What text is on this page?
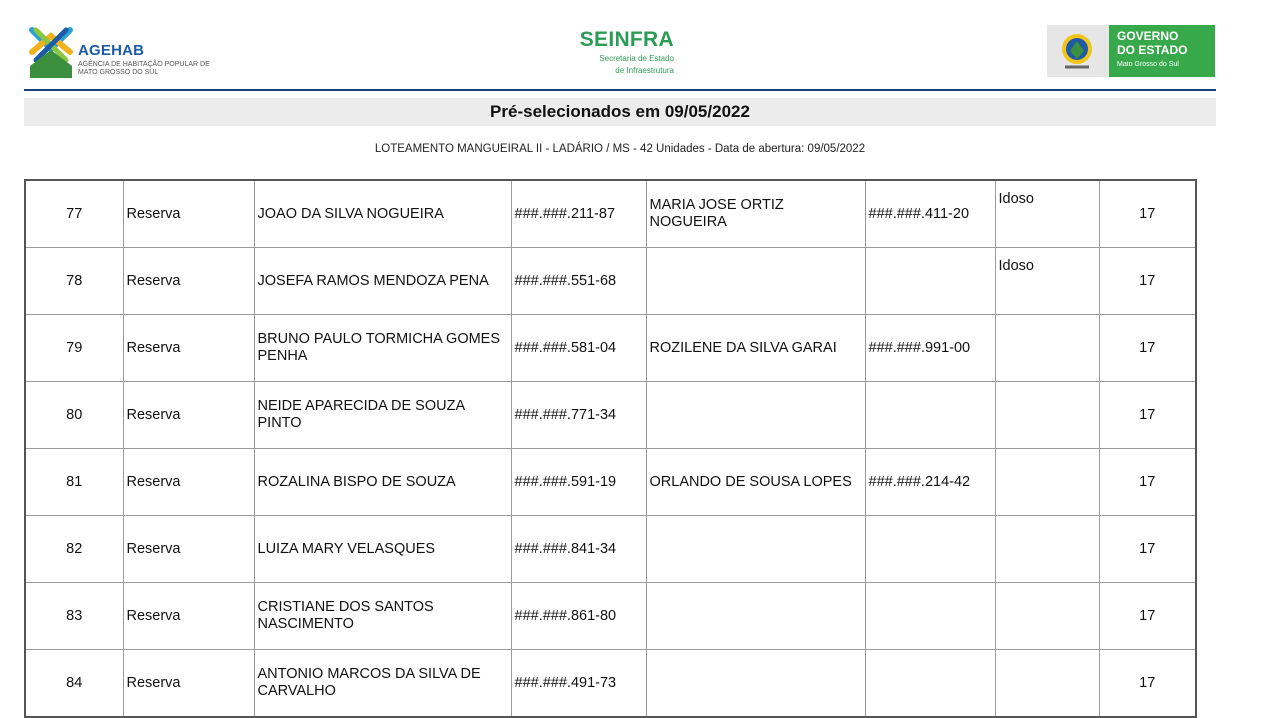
AGEHAB
AGÊNCIA DE HABITAÇÃO POPULAR DE MATO GROSSO DO SUL
SEINFRA
Secretaria de Estado
de Infraestrutura
GOVERNO
DO ESTADO
Mato Grosso do Sul
Pré-selecionados em 09/05/2022
LOTEAMENTO MANGUEIRAL II - LADÁRIO / MS - 42 Unidades - Data de abertura: 09/05/2022
77	Reserva	JOAO DA SILVA NOGUEIRA	###.###.211-87	MARIA JOSE ORTIZ NOGUEIRA	###.###.411-20	Idoso	17
78	Reserva	JOSEFA RAMOS MENDOZA PENA	###.###.551-68			Idoso	17
79	Reserva	BRUNO PAULO TORMICHA GOMES PENHA	###.###.581-04	ROZILENE DA SILVA GARAI	###.###.991-00		17
80	Reserva	NEIDE APARECIDA DE SOUZA PINTO	###.###.771-34				17
81	Reserva	ROZALINA BISPO DE SOUZA	###.###.591-19	ORLANDO DE SOUSA LOPES	###.###.214-42		17
82	Reserva	LUIZA MARY VELASQUES	###.###.841-34				17
83	Reserva	CRISTIANE DOS SANTOS NASCIMENTO	###.###.861-80				17
84	Reserva	ANTONIO MARCOS DA SILVA DE CARVALHO	###.###.491-73				17
